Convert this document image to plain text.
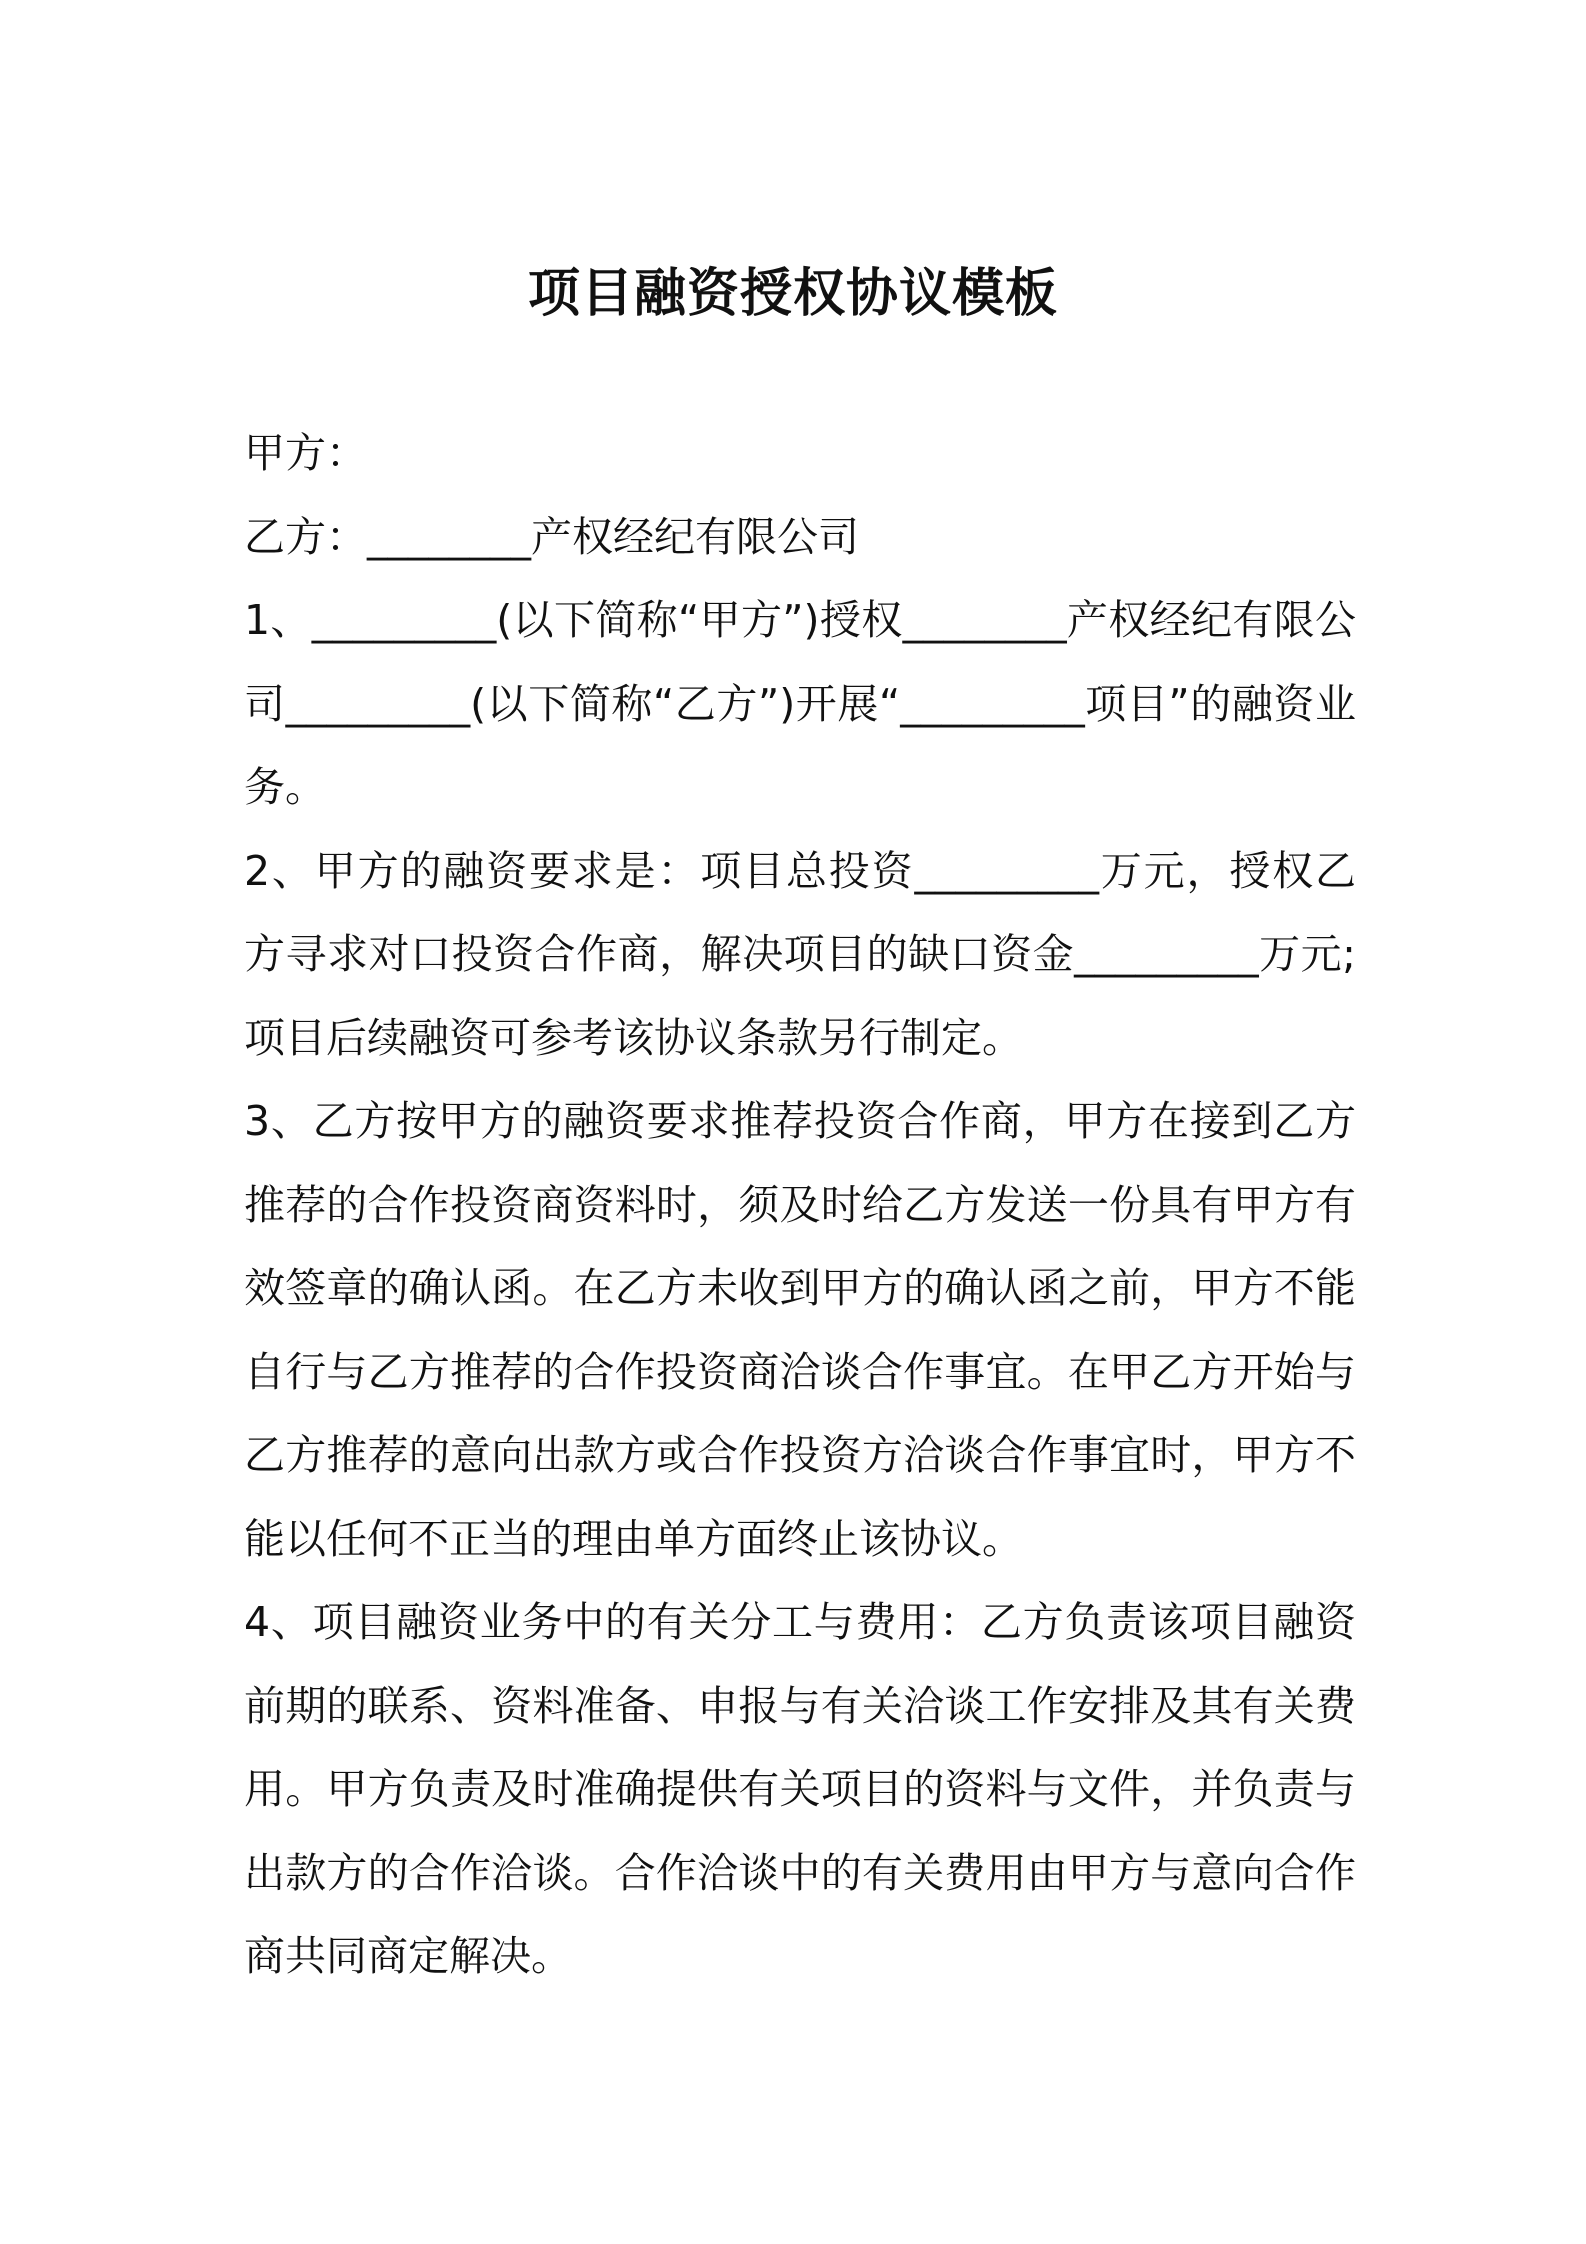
项目融资授权协议模板

甲方：

乙方：________产权经纪有限公司

1、_________(以下简称“甲方”)授权________产权经纪有限公司_________(以下简称“乙方”)开展“_________项目”的融资业务。

2、甲方的融资要求是：项目总投资_________万元，授权乙方寻求对口投资合作商，解决项目的缺口资金_________万元;项目后续融资可参考该协议条款另行制定。

3、乙方按甲方的融资要求推荐投资合作商，甲方在接到乙方推荐的合作投资商资料时，须及时给乙方发送一份具有甲方有效签章的确认函。在乙方未收到甲方的确认函之前，甲方不能自行与乙方推荐的合作投资商洽谈合作事宜。在甲乙方开始与乙方推荐的意向出款方或合作投资方洽谈合作事宜时，甲方不能以任何不正当的理由单方面终止该协议。

4、项目融资业务中的有关分工与费用：乙方负责该项目融资前期的联系、资料准备、申报与有关洽谈工作安排及其有关费用。甲方负责及时准确提供有关项目的资料与文件，并负责与出款方的合作洽谈。合作洽谈中的有关费用由甲方与意向合作商共同商定解决。
